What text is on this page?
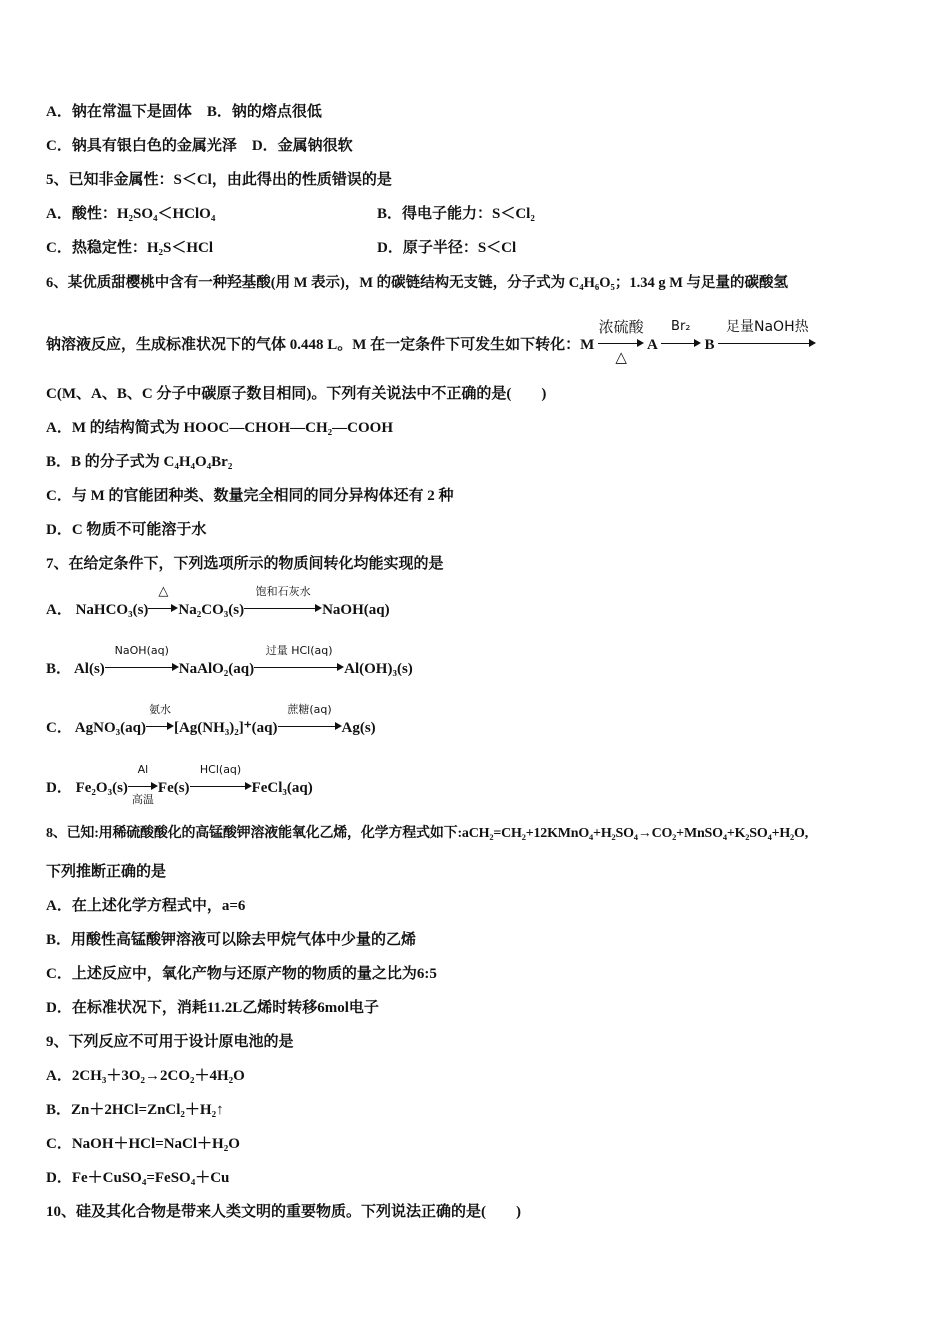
A．钠在常温下是固体 B．钠的熔点很低
C．钠具有银白色的金属光泽 D．金属钠很软
5、已知非金属性：S＜Cl，由此得出的性质错误的是
A．酸性：H₂SO₄＜HClO₄	B．得电子能力：S＜Cl₂
C．热稳定性：H₂S＜HCl	D．原子半径：S＜Cl
6、某优质甜樱桃中含有一种羟基酸(用 M 表示)，M 的碳链结构无支链，分子式为 C₄H₆O₅；1.34 g M 与足量的碳酸氢
钠溶液反应，生成标准状况下的气体 0.448 L。M 在一定条件下可发生如下转化：M
浓硫酸
△
A
Br₂
B
足量NaOH热
C(M、A、B、C 分子中碳原子数目相同)。下列有关说法中不正确的是(　　)
A．M 的结构简式为 HOOC—CHOH—CH₂—COOH
B．B 的分子式为 C₄H₄O₄Br₂
C．与 M 的官能团种类、数量完全相同的同分异构体还有 2 种
D．C 物质不可能溶于水
7、在给定条件下，下列选项所示的物质间转化均能实现的是
A． NaHCO₃(s)
△
Na₂CO₃(s)
饱和石灰水
NaOH(aq)
B． Al(s)
NaOH(aq)
NaAlO₂(aq)
过量 HCl(aq)
Al(OH)₃(s)
C． AgNO₃(aq)
氨水
[Ag(NH₃)₂]⁺(aq)
蔗糖(aq)
Ag(s)
D． Fe₂O₃(s)
Al
高温
Fe(s)
HCl(aq)
FeCl₃(aq)
8、已知:用稀硫酸酸化的高锰酸钾溶液能氧化乙烯，化学方程式如下:aCH₂=CH₂+12KMnO₄+H₂SO₄→CO₂+MnSO₄+K₂SO₄+H₂O,
下列推断正确的是
A．在上述化学方程式中，a=6
B．用酸性高锰酸钾溶液可以除去甲烷气体中少量的乙烯
C．上述反应中，氧化产物与还原产物的物质的量之比为6:5
D．在标准状况下，消耗11.2L乙烯时转移6mol电子
9、下列反应不可用于设计原电池的是
A．2CH₃＋3O₂→2CO₂＋4H₂O
B．Zn＋2HCl=ZnCl₂＋H₂↑
C．NaOH＋HCl=NaCl＋H₂O
D．Fe＋CuSO₄=FeSO₄＋Cu
10、硅及其化合物是带来人类文明的重要物质。下列说法正确的是(　　)
